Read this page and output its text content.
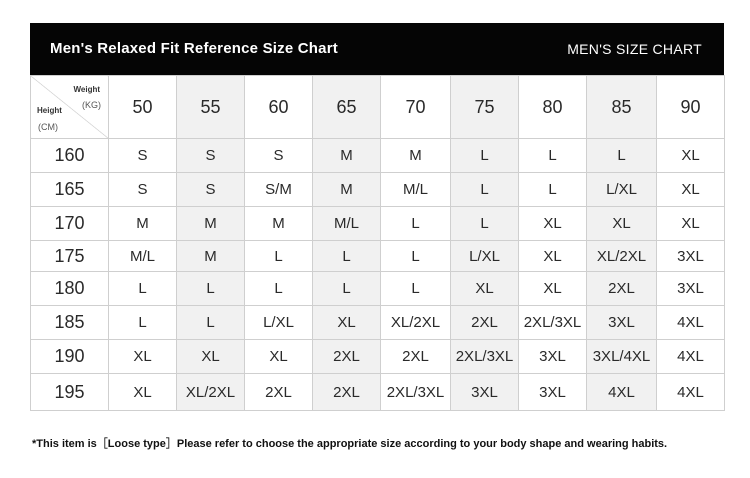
Men's Relaxed Fit Reference Size Chart	MEN'S SIZE CHART
Weight
(KG)
Height
(CM)	50	55	60	65	70	75	80	85	90
160	S	S	S	M	M	L	L	L	XL
165	S	S	S/M	M	M/L	L	L	L/XL	XL
170	M	M	M	M/L	L	L	XL	XL	XL
175	M/L	M	L	L	L	L/XL	XL	XL/2XL	3XL
180	L	L	L	L	L	XL	XL	2XL	3XL
185	L	L	L/XL	XL	XL/2XL	2XL	2XL/3XL	3XL	4XL
190	XL	XL	XL	2XL	2XL	2XL/3XL	3XL	3XL/4XL	4XL
195	XL	XL/2XL	2XL	2XL	2XL/3XL	3XL	3XL	4XL	4XL
*This item is［Loose type］Please refer to choose the appropriate size according to your body shape and wearing habits.
